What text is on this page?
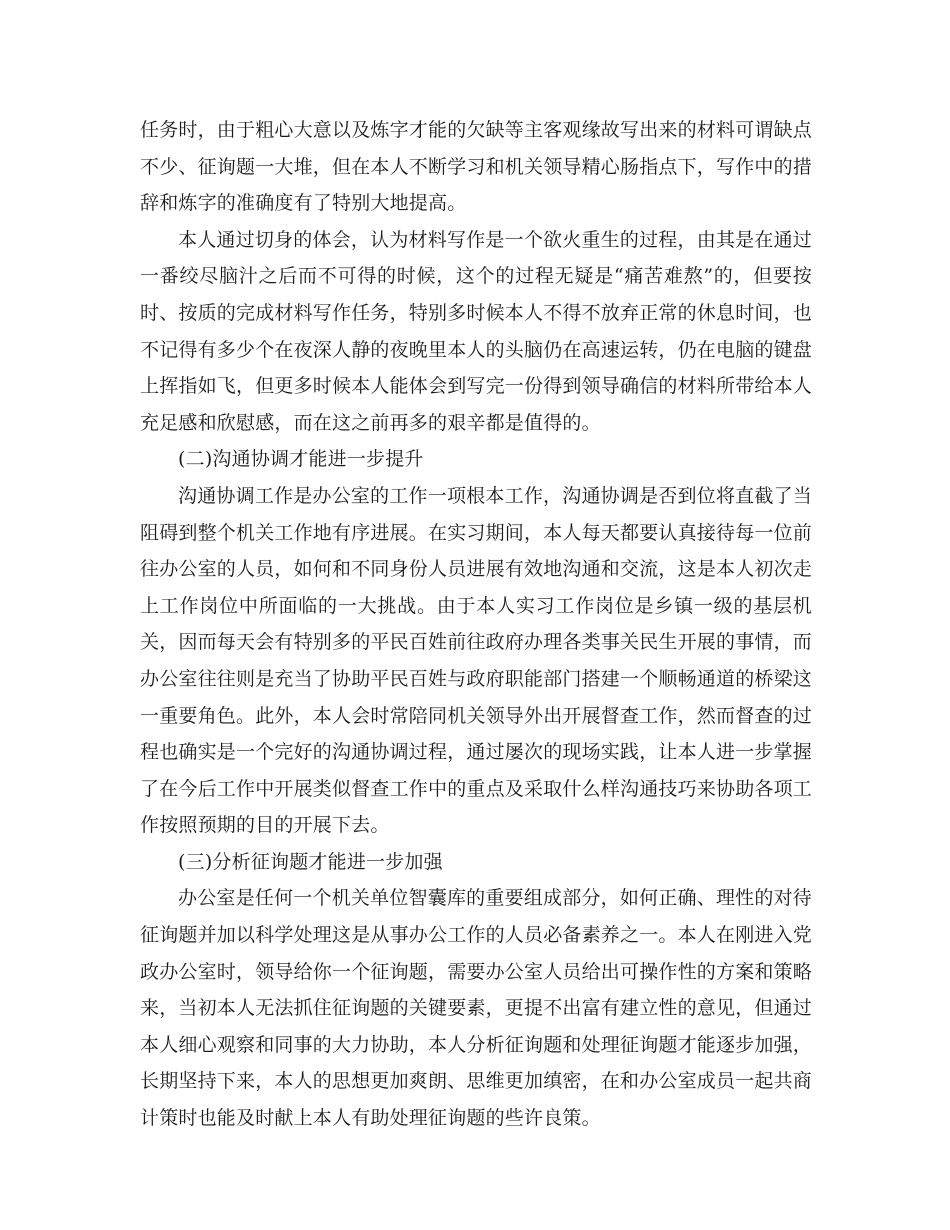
任务时，由于粗心大意以及炼字才能的欠缺等主客观缘故写出来的材料可谓缺点不少、征询题一大堆，但在本人不断学习和机关领导精心肠指点下，写作中的措辞和炼字的准确度有了特别大地提高。

本人通过切身的体会，认为材料写作是一个欲火重生的过程，由其是在通过一番绞尽脑汁之后而不可得的时候，这个的过程无疑是“痛苦难熬”的，但要按时、按质的完成材料写作任务，特别多时候本人不得不放弃正常的休息时间，也不记得有多少个在夜深人静的夜晚里本人的头脑仍在高速运转，仍在电脑的键盘上挥指如飞，但更多时候本人能体会到写完一份得到领导确信的材料所带给本人充足感和欣慰感，而在这之前再多的艰辛都是值得的。

(二)沟通协调才能进一步提升

沟通协调工作是办公室的工作一项根本工作，沟通协调是否到位将直截了当阻碍到整个机关工作地有序进展。在实习期间，本人每天都要认真接待每一位前往办公室的人员，如何和不同身份人员进展有效地沟通和交流，这是本人初次走上工作岗位中所面临的一大挑战。由于本人实习工作岗位是乡镇一级的基层机关，因而每天会有特别多的平民百姓前往政府办理各类事关民生开展的事情，而办公室往往则是充当了协助平民百姓与政府职能部门搭建一个顺畅通道的桥梁这一重要角色。此外，本人会时常陪同机关领导外出开展督查工作，然而督查的过程也确实是一个完好的沟通协调过程，通过屡次的现场实践，让本人进一步掌握了在今后工作中开展类似督查工作中的重点及采取什么样沟通技巧来协助各项工作按照预期的目的开展下去。

(三)分析征询题才能进一步加强

办公室是任何一个机关单位智囊库的重要组成部分，如何正确、理性的对待征询题并加以科学处理这是从事办公工作的人员必备素养之一。本人在刚进入党政办公室时，领导给你一个征询题，需要办公室人员给出可操作性的方案和策略来，当初本人无法抓住征询题的关键要素，更提不出富有建立性的意见，但通过本人细心观察和同事的大力协助，本人分析征询题和处理征询题才能逐步加强，长期坚持下来，本人的思想更加爽朗、思维更加缜密，在和办公室成员一起共商计策时也能及时献上本人有助处理征询题的些许良策。
